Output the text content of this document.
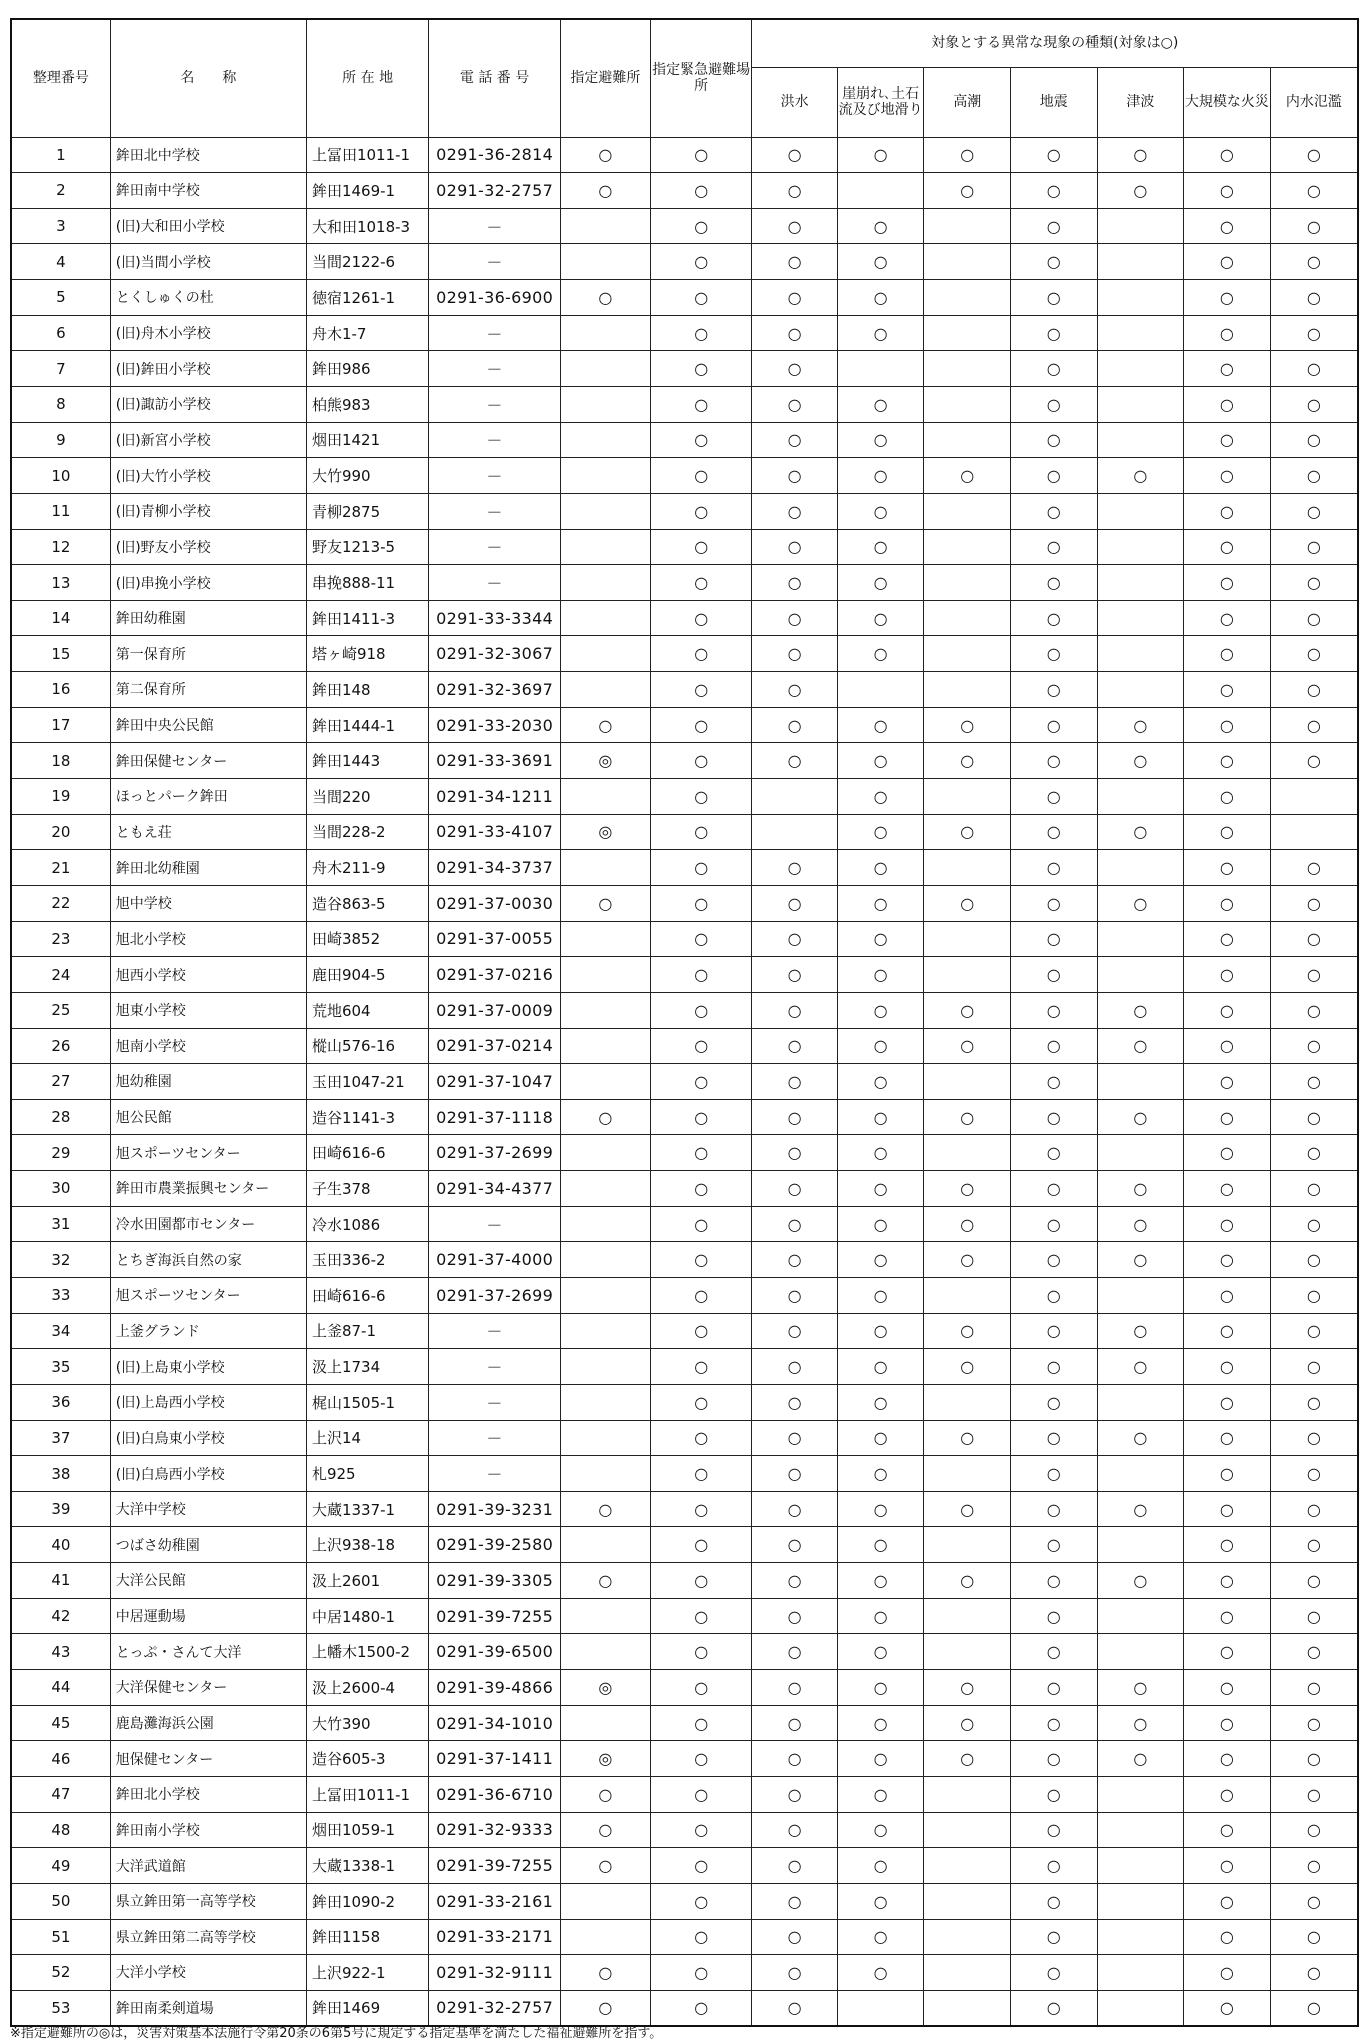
整理番号	名　　称	所 在 地	電 話 番 号	指定避難所	指定緊急避難場所	対象とする異常な現象の種類(対象は○)						
						洪水	崖崩れ､土石流及び地滑り	高潮	地震	津波	大規模な火災	内水氾濫
1	鉾田北中学校	上冨田1011-1	0291-36-2814	○	○	○	○	○	○	○	○	○
2	鉾田南中学校	鉾田1469-1	0291-32-2757	○	○	○		○	○	○	○	○
3	(旧)大和田小学校	大和田1018-3	－		○	○	○		○		○	○
4	(旧)当間小学校	当間2122-6	－		○	○	○		○		○	○
5	とくしゅくの杜	徳宿1261-1	0291-36-6900	○	○	○	○		○		○	○
6	(旧)舟木小学校	舟木1-7	－		○	○	○		○		○	○
7	(旧)鉾田小学校	鉾田986	－		○	○			○		○	○
8	(旧)諏訪小学校	柏熊983	－		○	○	○		○		○	○
9	(旧)新宮小学校	烟田1421	－		○	○	○		○		○	○
10	(旧)大竹小学校	大竹990	－		○	○	○	○	○	○	○	○
11	(旧)青柳小学校	青柳2875	－		○	○	○		○		○	○
12	(旧)野友小学校	野友1213-5	－		○	○	○		○		○	○
13	(旧)串挽小学校	串挽888-11	－		○	○	○		○		○	○
14	鉾田幼稚園	鉾田1411-3	0291-33-3344		○	○	○		○		○	○
15	第一保育所	塔ヶ崎918	0291-32-3067		○	○	○		○		○	○
16	第二保育所	鉾田148	0291-32-3697		○	○			○		○	○
17	鉾田中央公民館	鉾田1444-1	0291-33-2030	○	○	○	○	○	○	○	○	○
18	鉾田保健センター	鉾田1443	0291-33-3691	◎	○	○	○	○	○	○	○	○
19	ほっとパーク鉾田	当間220	0291-34-1211		○		○		○		○	
20	ともえ荘	当間228-2	0291-33-4107	◎	○		○	○	○	○	○	
21	鉾田北幼稚園	舟木211-9	0291-34-3737		○	○	○		○		○	○
22	旭中学校	造谷863-5	0291-37-0030	○	○	○	○	○	○	○	○	○
23	旭北小学校	田崎3852	0291-37-0055		○	○	○		○		○	○
24	旭西小学校	鹿田904-5	0291-37-0216		○	○	○		○		○	○
25	旭東小学校	荒地604	0291-37-0009		○	○	○	○	○	○	○	○
26	旭南小学校	樅山576-16	0291-37-0214		○	○	○	○	○	○	○	○
27	旭幼稚園	玉田1047-21	0291-37-1047		○	○	○		○		○	○
28	旭公民館	造谷1141-3	0291-37-1118	○	○	○	○	○	○	○	○	○
29	旭スポーツセンター	田崎616-6	0291-37-2699		○	○	○		○		○	○
30	鉾田市農業振興センター	子生378	0291-34-4377		○	○	○	○	○	○	○	○
31	冷水田園都市センター	冷水1086	－		○	○	○	○	○	○	○	○
32	とちぎ海浜自然の家	玉田336-2	0291-37-4000		○	○	○	○	○	○	○	○
33	旭スポーツセンター	田崎616-6	0291-37-2699		○	○	○		○		○	○
34	上釜グランド	上釜87-1	－		○	○	○	○	○	○	○	○
35	(旧)上島東小学校	汲上1734	－		○	○	○	○	○	○	○	○
36	(旧)上島西小学校	梶山1505-1	－		○	○	○		○		○	○
37	(旧)白鳥東小学校	上沢14	－		○	○	○	○	○	○	○	○
38	(旧)白鳥西小学校	札925	－		○	○	○		○		○	○
39	大洋中学校	大蔵1337-1	0291-39-3231	○	○	○	○	○	○	○	○	○
40	つばさ幼稚園	上沢938-18	0291-39-2580		○	○	○		○		○	○
41	大洋公民館	汲上2601	0291-39-3305	○	○	○	○	○	○	○	○	○
42	中居運動場	中居1480-1	0291-39-7255		○	○	○		○		○	○
43	とっぷ・さんて大洋	上幡木1500-2	0291-39-6500		○	○	○		○		○	○
44	大洋保健センター	汲上2600-4	0291-39-4866	◎	○	○	○	○	○	○	○	○
45	鹿島灘海浜公園	大竹390	0291-34-1010		○	○	○	○	○	○	○	○
46	旭保健センター	造谷605-3	0291-37-1411	◎	○	○	○	○	○	○	○	○
47	鉾田北小学校	上冨田1011-1	0291-36-6710	○	○	○	○		○		○	○
48	鉾田南小学校	烟田1059-1	0291-32-9333	○	○	○	○		○		○	○
49	大洋武道館	大蔵1338-1	0291-39-7255	○	○	○	○		○		○	○
50	県立鉾田第一高等学校	鉾田1090-2	0291-33-2161		○	○	○		○		○	○
51	県立鉾田第二高等学校	鉾田1158	0291-33-2171		○	○	○		○		○	○
52	大洋小学校	上沢922-1	0291-32-9111	○	○	○	○		○		○	○
53	鉾田南柔剣道場	鉾田1469	0291-32-2757	○	○	○			○		○	○
※指定避難所の◎は，災害対策基本法施行令第20条の6第5号に規定する指定基準を満たした福祉避難所を指す。
